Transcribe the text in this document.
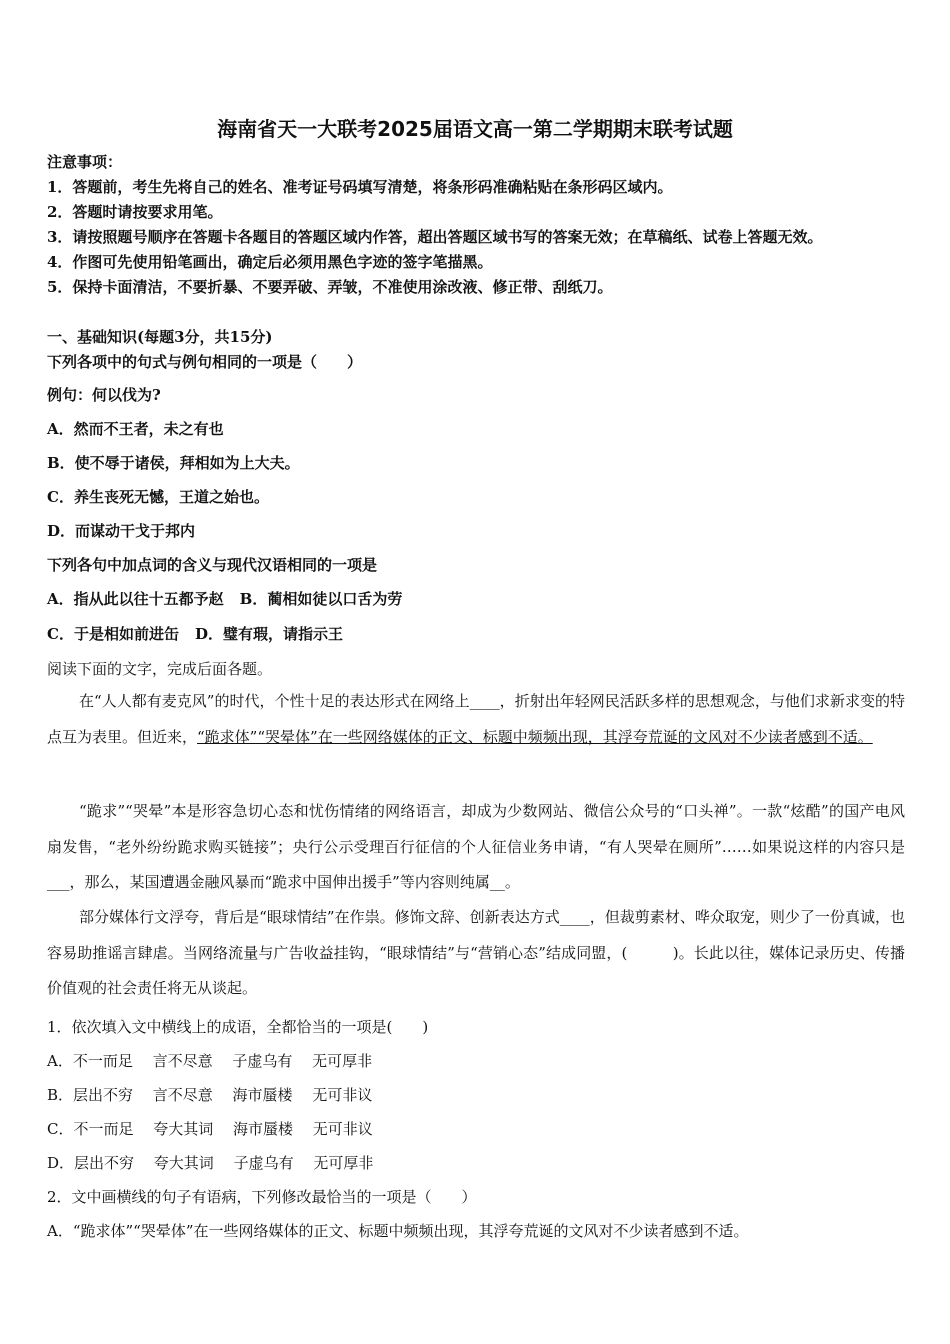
海南省天一大联考2025届语文高一第二学期期末联考试题
注意事项：
1．答题前，考生先将自己的姓名、准考证号码填写清楚，将条形码准确粘贴在条形码区域内。
2．答题时请按要求用笔。
3．请按照题号顺序在答题卡各题目的答题区域内作答，超出答题区域书写的答案无效；在草稿纸、试卷上答题无效。
4．作图可先使用铅笔画出，确定后必须用黑色字迹的签字笔描黑。
5．保持卡面清洁，不要折暴、不要弄破、弄皱，不准使用涂改液、修正带、刮纸刀。
一、基础知识(每题3分，共15分)
下列各项中的句式与例句相同的一项是（　　）
例句：何以伐为?
A．然而不王者，未之有也
B．使不辱于诸侯，拜相如为上大夫。
C．养生丧死无憾，王道之始也。
D．而谋动干戈于邦内
下列各句中加点词的含义与现代汉语相同的一项是
A．指从此以往十五都予赵 B．蔺相如徒以口舌为劳
C．于是相如前进缶 D．璧有瑕，请指示王
阅读下面的文字，完成后面各题。
在“人人都有麦克风”的时代，个性十足的表达形式在网络上____，折射出年轻网民活跃多样的思想观念，与他们求新求变的特点互为表里。但近来，“跪求体”“哭晕体”在一些网络媒体的正文、标题中频频出现，其浮夸荒诞的文风对不少读者感到不适。
“跪求”“哭晕”本是形容急切心态和忧伤情绪的网络语言，却成为少数网站、微信公众号的“口头禅”。一款“炫酷”的国产电风扇发售，“老外纷纷跪求购买链接”；央行公示受理百行征信的个人征信业务申请，“有人哭晕在厕所”……如果说这样的内容只是 ___，那么，某国遭遇金融风暴而“跪求中国伸出援手”等内容则纯属__。
部分媒体行文浮夸，背后是“眼球情结”在作祟。修饰文辞、创新表达方式____，但裁剪素材、哗众取宠，则少了一份真诚，也容易助推谣言肆虐。当网络流量与广告收益挂钩，“眼球情结”与“营销心态”结成同盟，(　　　)。长此以往，媒体记录历史、传播价值观的社会责任将无从谈起。
1．依次填入文中横线上的成语，全都恰当的一项是(　　)
A．不一而足　 言不尽意　 子虚乌有　 无可厚非
B．层出不穷　 言不尽意　 海市蜃楼　 无可非议
C．不一而足　 夸大其词　 海市蜃楼　 无可非议
D．层出不穷　 夸大其词　 子虚乌有　 无可厚非
2．文中画横线的句子有语病，下列修改最恰当的一项是（　　）
A．“跪求体”“哭晕体”在一些网络媒体的正文、标题中频频出现，其浮夸荒诞的文风对不少读者感到不适。
